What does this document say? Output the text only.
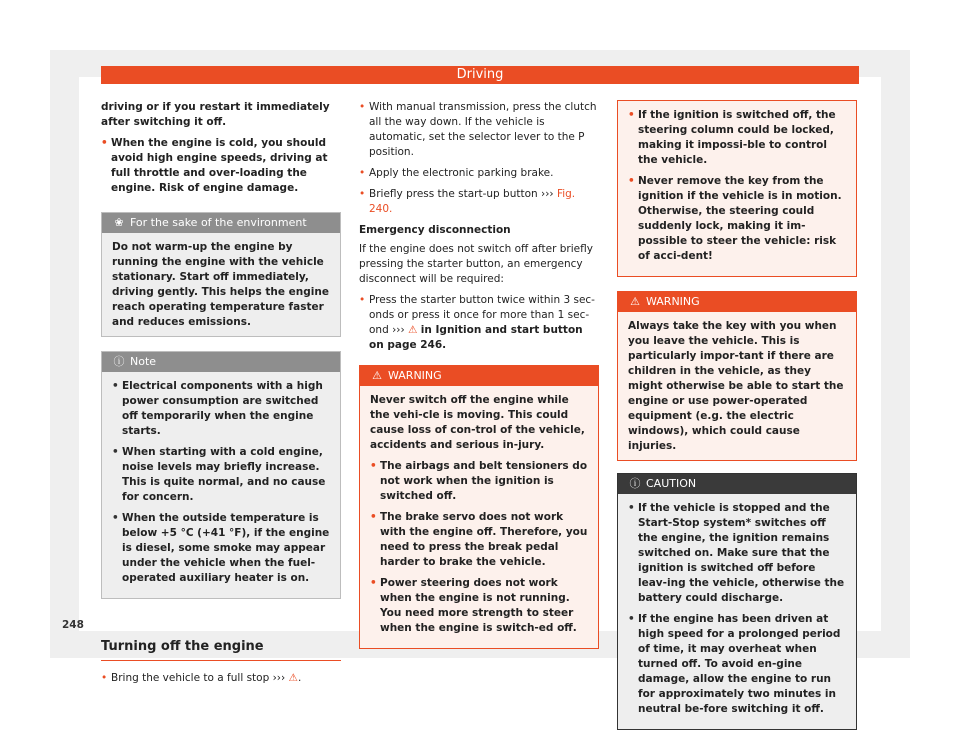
Driving

driving or if you restart it immediately after switching it off.

• When the engine is cold, you should avoid high engine speeds, driving at full throttle and over-loading the engine. Risk of engine damage.
❀ For the sake of the environment
Do not warm-up the engine by running the engine with the vehicle stationary. Start off immediately, driving gently. This helps the engine reach operating temperature faster and reduces emissions.
ⓘ Note
• Electrical components with a high power consumption are switched off temporarily when the engine starts.
• When starting with a cold engine, noise levels may briefly increase. This is quite normal, and no cause for concern.
• When the outside temperature is below +5 °C (+41 °F), if the engine is diesel, some smoke may appear under the vehicle when the fuel-operated auxiliary heater is on.
Turning off the engine
• Bring the vehicle to a full stop ››› ⚠.
• With manual transmission, press the clutch all the way down. If the vehicle is automatic, set the selector lever to the P position.
• Apply the electronic parking brake.
• Briefly press the start-up button ››› Fig. 240.
Emergency disconnection

If the engine does not switch off after briefly pressing the starter button, an emergency disconnect will be required:

• Press the starter button twice within 3 sec-onds or press it once for more than 1 sec-ond ››› ⚠ in Ignition and start button on page 246.
⚠ WARNING

Never switch off the engine while the vehi-cle is moving. This could cause loss of con-trol of the vehicle, accidents and serious in-jury.

• The airbags and belt tensioners do not work when the ignition is switched off.
• The brake servo does not work with the engine off. Therefore, you need to press the break pedal harder to brake the vehicle.
• Power steering does not work when the engine is not running. You need more strength to steer when the engine is switch-ed off.
• If the ignition is switched off, the steering column could be locked, making it impossi-ble to control the vehicle.
• Never remove the key from the ignition if the vehicle is in motion. Otherwise, the steering could suddenly lock, making it im-possible to steer the vehicle: risk of acci-dent!
⚠ WARNING
Always take the key with you when you leave the vehicle. This is particularly impor-tant if there are children in the vehicle, as they might otherwise be able to start the engine or use power-operated equipment (e.g. the electric windows), which could cause injuries.
ⓘ CAUTION
• If the vehicle is stopped and the Start-Stop system* switches off the engine, the ignition remains switched on. Make sure that the ignition is switched off before leav-ing the vehicle, otherwise the battery could discharge.
• If the engine has been driven at high speed for a prolonged period of time, it may overheat when turned off. To avoid en-gine damage, allow the engine to run for approximately two minutes in neutral be-fore switching it off.
248
